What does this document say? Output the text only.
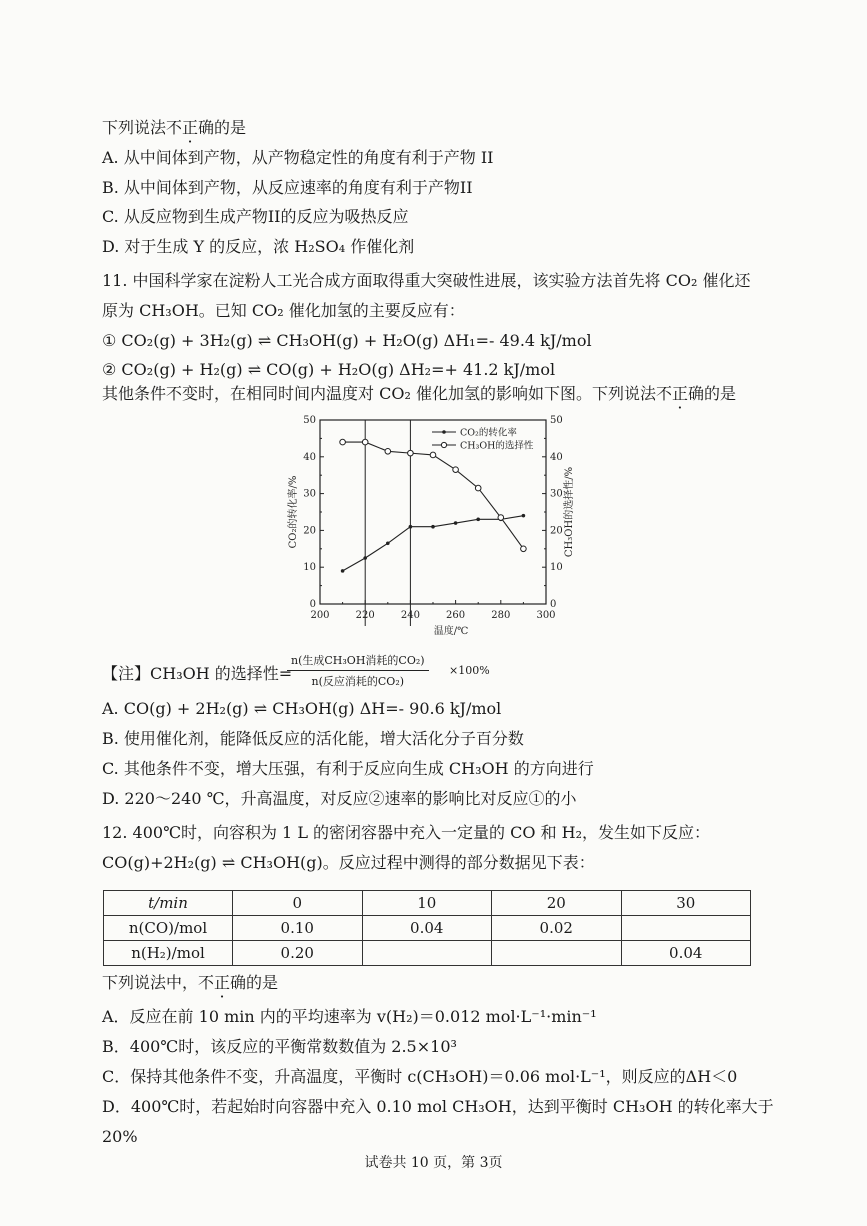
下列说法不正确的是
A. 从中间体到产物，从产物稳定性的角度有利于产物 II
B. 从中间体到产物，从反应速率的角度有利于产物II
C. 从反应物到生成产物II的反应为吸热反应
D. 对于生成 Y 的反应，浓 H₂SO₄ 作催化剂
11. 中国科学家在淀粉人工光合成方面取得重大突破性进展，该实验方法首先将 CO₂ 催化还
原为 CH₃OH。已知 CO₂ 催化加氢的主要反应有：
① CO₂(g) + 3H₂(g) ⇌ CH₃OH(g) + H₂O(g) ΔH₁=- 49.4 kJ/mol
② CO₂(g) + H₂(g) ⇌ CO(g) + H₂O(g) ΔH₂=+ 41.2 kJ/mol
其他条件不变时，在相同时间内温度对 CO₂ 催化加氢的影响如下图。下列说法不正确的是
200	220	240	260	280	300
0	0
10	10
20	20
30	30
40	40
50	50
温度/℃
CO₂的转化率/%	CH₃OH的选择性/%
CO₂的转化率
CH₃OH的选择性
【注】CH₃OH 的选择性=
n(生成CH₃OH消耗的CO₂)
n(反应消耗的CO₂)
×100%
A. CO(g) + 2H₂(g) ⇌ CH₃OH(g) ΔH=- 90.6 kJ/mol
B. 使用催化剂，能降低反应的活化能，增大活化分子百分数
C. 其他条件不变，增大压强，有利于反应向生成 CH₃OH 的方向进行
D. 220～240 ℃，升高温度，对反应②速率的影响比对反应①的小
12. 400℃时，向容积为 1 L 的密闭容器中充入一定量的 CO 和 H₂，发生如下反应：
CO(g)+2H₂(g) ⇌ CH₃OH(g)。反应过程中测得的部分数据见下表：
t/min	0	10	20	30
n(CO)/mol	0.10	0.04	0.02	
n(H₂)/mol	0.20			0.04
下列说法中，不正确的是
A．反应在前 10 min 内的平均速率为 v(H₂)＝0.012 mol·L⁻¹·min⁻¹
B．400℃时，该反应的平衡常数数值为 2.5×10³
C．保持其他条件不变，升高温度，平衡时 c(CH₃OH)＝0.06 mol·L⁻¹，则反应的ΔH＜0
D．400℃时，若起始时向容器中充入 0.10 mol CH₃OH，达到平衡时 CH₃OH 的转化率大于
20%
试卷共 10 页，第 3页
